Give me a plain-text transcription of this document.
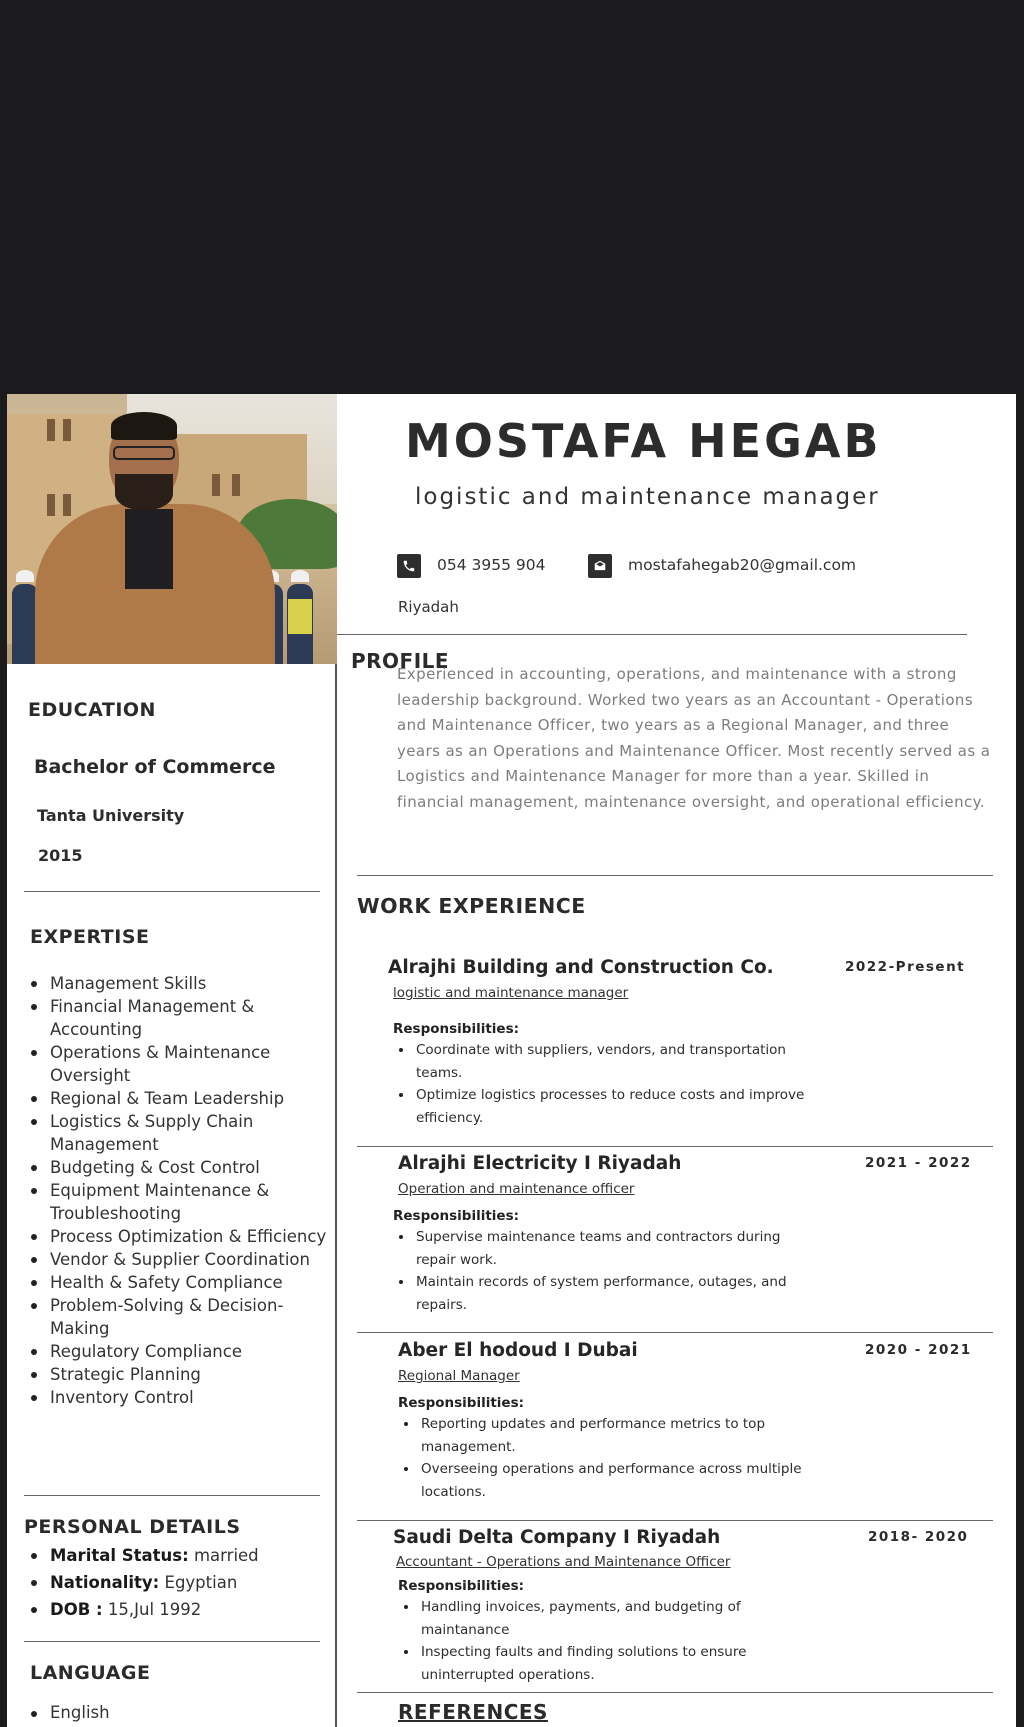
EDUCATION

Bachelor of Commerce

Tanta University

2015

EXPERTISE
Management Skills
Financial Management & Accounting
Operations & Maintenance Oversight
Regional & Team Leadership
Logistics & Supply Chain Management
Budgeting & Cost Control
Equipment Maintenance & Troubleshooting
Process Optimization & Efficiency
Vendor & Supplier Coordination
Health & Safety Compliance
Problem-Solving & Decision-Making
Regulatory Compliance
Strategic Planning
Inventory Control
PERSONAL DETAILS
Marital Status: married
Nationality: Egyptian
DOB : 15,Jul 1992
LANGUAGE
English
MOSTAFA HEGAB

logistic and maintenance manager

054 3955 904	mostafahegab20@gmail.com

Riyadah

PROFILE

Experienced in accounting, operations, and maintenance with a strong leadership background. Worked two years as an Accountant - Operations and Maintenance Officer, two years as a Regional Manager, and three years as an Operations and Maintenance Officer. Most recently served as a Logistics and Maintenance Manager for more than a year. Skilled in financial management, maintenance oversight, and operational efficiency.

WORK EXPERIENCE

Alrajhi Building and Construction Co.	2022-Present

logistic and maintenance manager

Responsibilities:

Coordinate with suppliers, vendors, and transportation teams.
Optimize logistics processes to reduce costs and improve efficiency.

Alrajhi Electricity I Riyadah	2021 - 2022

Operation and maintenance officer

Responsibilities:

Supervise maintenance teams and contractors during repair work.
Maintain records of system performance, outages, and repairs.

Aber El hodoud I Dubai	2020 - 2021

Regional Manager

Responsibilities:

Reporting updates and performance metrics to top management.
Overseeing operations and performance across multiple locations.

Saudi Delta Company I Riyadah	2018- 2020

Accountant - Operations and Maintenance Officer

Responsibilities:

Handling invoices, payments, and budgeting of maintanance
Inspecting faults and finding solutions to ensure uninterrupted operations.
REFERENCES
